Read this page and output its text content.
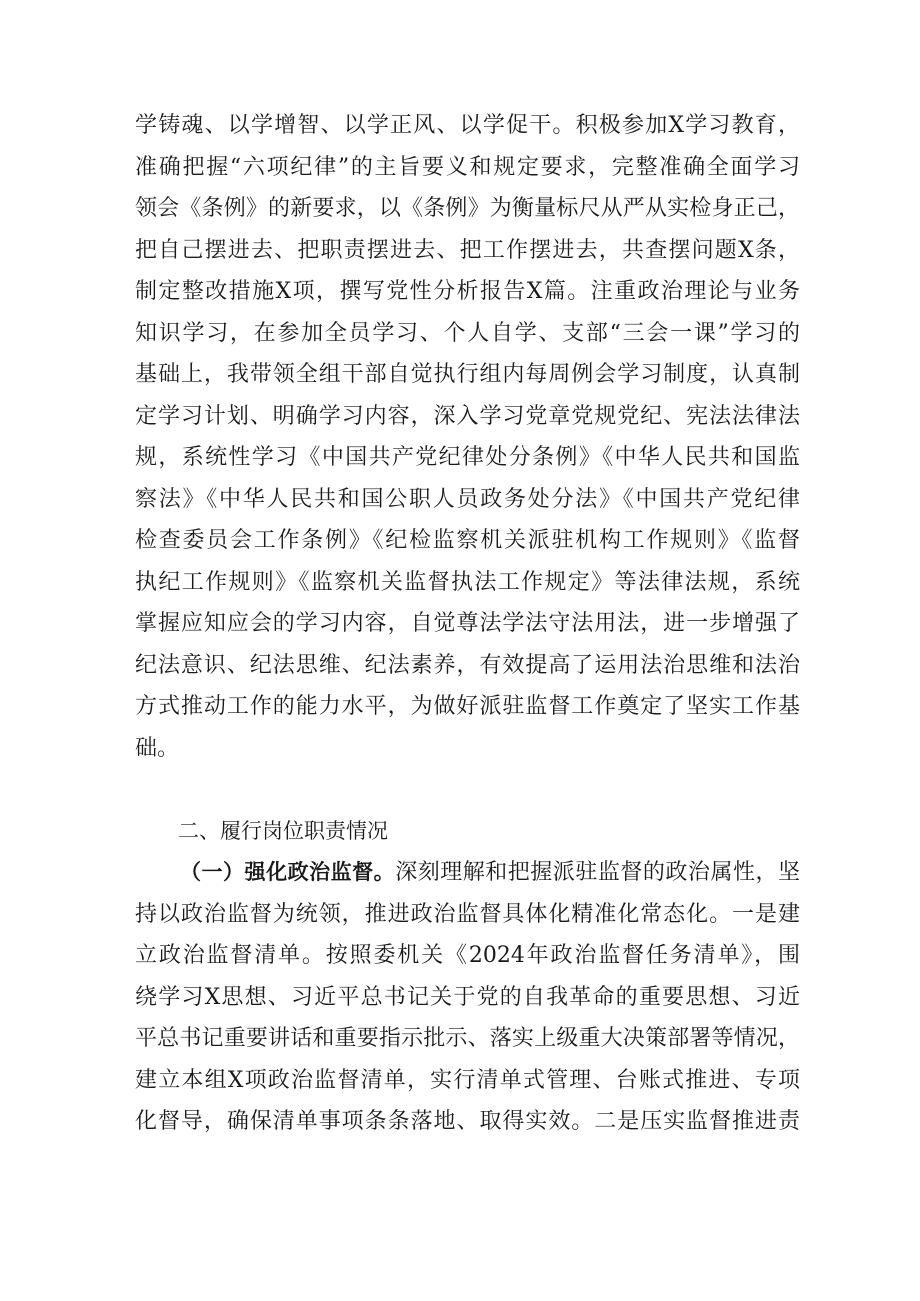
学铸魂、以学增智、以学正风、以学促干。积极参加X学习教育，
准确把握“六项纪律”的主旨要义和规定要求，完整准确全面学习
领会《条例》的新要求，以《条例》为衡量标尺从严从实检身正己，
把自己摆进去、把职责摆进去、把工作摆进去，共查摆问题X条，
制定整改措施X项，撰写党性分析报告X篇。注重政治理论与业务
知识学习，在参加全员学习、个人自学、支部“三会一课”学习的
基础上，我带领全组干部自觉执行组内每周例会学习制度，认真制
定学习计划、明确学习内容，深入学习党章党规党纪、宪法法律法
规，系统性学习《中国共产党纪律处分条例》《中华人民共和国监
察法》《中华人民共和国公职人员政务处分法》《中国共产党纪律
检查委员会工作条例》《纪检监察机关派驻机构工作规则》《监督
执纪工作规则》《监察机关监督执法工作规定》等法律法规，系统
掌握应知应会的学习内容，自觉尊法学法守法用法，进一步增强了
纪法意识、纪法思维、纪法素养，有效提高了运用法治思维和法治
方式推动工作的能力水平，为做好派驻监督工作奠定了坚实工作基
础。
二、履行岗位职责情况
（一）强化政治监督。深刻理解和把握派驻监督的政治属性，坚
持以政治监督为统领，推进政治监督具体化精准化常态化。一是建
立政治监督清单。按照委机关《2024年政治监督任务清单》，围
绕学习X思想、习近平总书记关于党的自我革命的重要思想、习近
平总书记重要讲话和重要指示批示、落实上级重大决策部署等情况，
建立本组X项政治监督清单，实行清单式管理、台账式推进、专项
化督导，确保清单事项条条落地、取得实效。二是压实监督推进责
